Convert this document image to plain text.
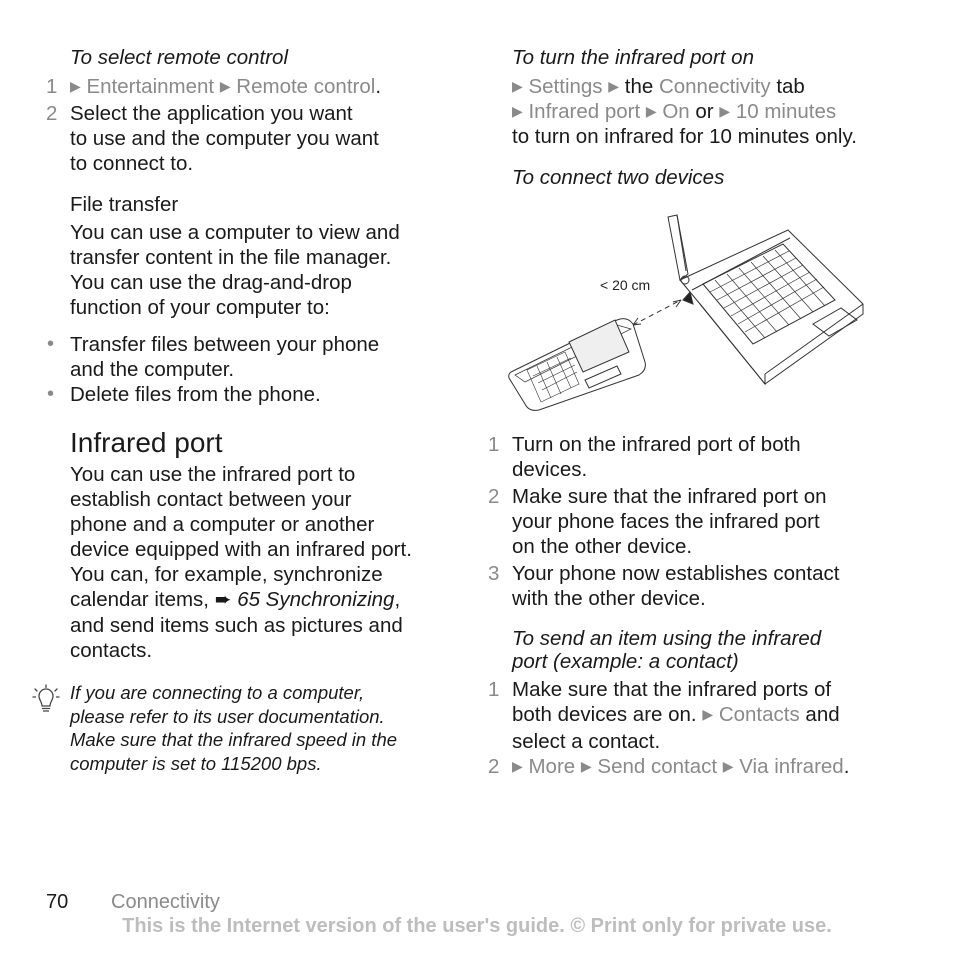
To select remote control
1 ▶ Entertainment ▶ Remote control.
2 Select the application you want
to use and the computer you want
to connect to.
File transfer
You can use a computer to view and
transfer content in the file manager.
You can use the drag-and-drop
function of your computer to:
• Transfer files between your phone
and the computer.
• Delete files from the phone.
Infrared port
You can use the infrared port to
establish contact between your
phone and a computer or another
device equipped with an infrared port.
You can, for example, synchronize
calendar items, ➨ 65 Synchronizing,
and send items such as pictures and
contacts.
If you are connecting to a computer,
please refer to its user documentation.
Make sure that the infrared speed in the
computer is set to 115200 bps.
To turn the infrared port on
▶ Settings ▶ the Connectivity tab
▶ Infrared port ▶ On or ▶ 10 minutes
to turn on infrared for 10 minutes only.
To connect two devices
< 20 cm
1 Turn on the infrared port of both
devices.
2 Make sure that the infrared port on
your phone faces the infrared port
on the other device.
3 Your phone now establishes contact
with the other device.
To send an item using the infrared
port (example: a contact)
1 Make sure that the infrared ports of
both devices are on. ▶ Contacts and
select a contact.
2 ▶ More ▶ Send contact ▶ Via infrared.
70 Connectivity
This is the Internet version of the user's guide. © Print only for private use.
